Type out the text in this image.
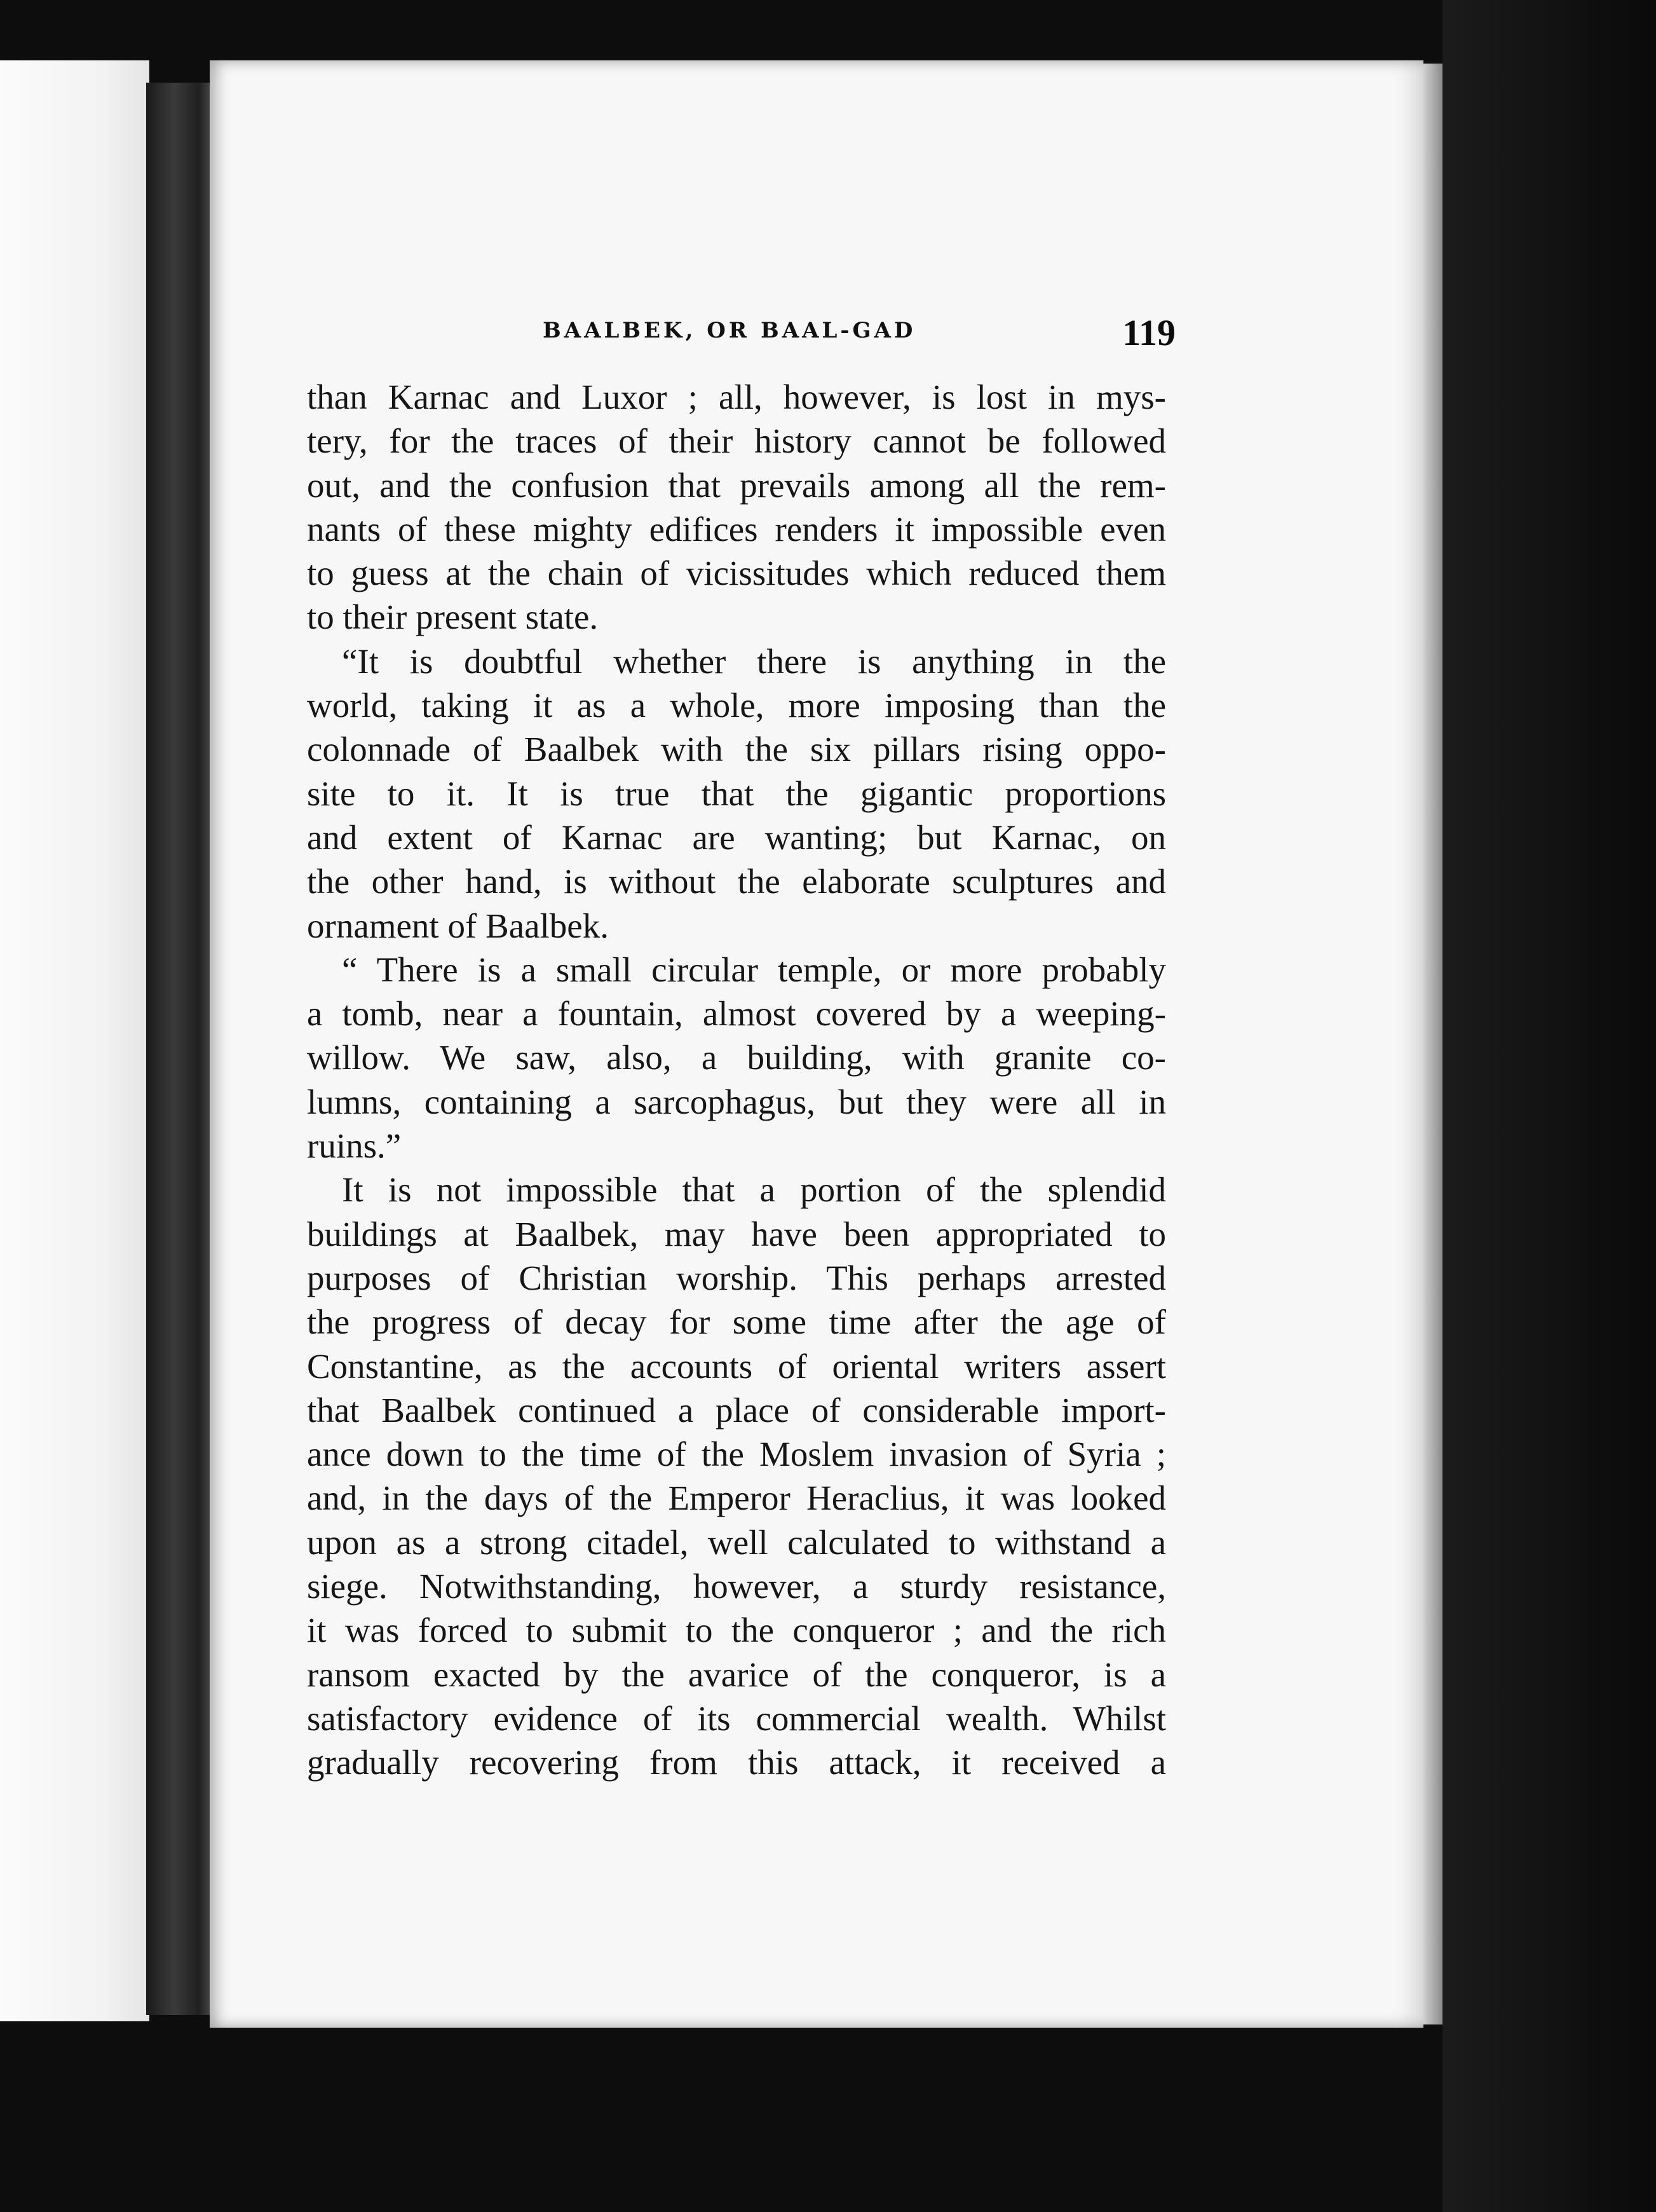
BAALBEK, OR BAAL-GAD	119
than Karnac and Luxor ; all, however, is lost in mys-
tery, for the traces of their history cannot be followed
out, and the confusion that prevails among all the rem-
nants of these mighty edifices renders it impossible even
to guess at the chain of vicissitudes which reduced them
to their present state.
“It is doubtful whether there is anything in the
world, taking it as a whole, more imposing than the
colonnade of Baalbek with the six pillars rising oppo-
site to it. It is true that the gigantic proportions
and extent of Karnac are wanting; but Karnac, on
the other hand, is without the elaborate sculptures and
ornament of Baalbek.
“ There is a small circular temple, or more probably
a tomb, near a fountain, almost covered by a weeping-
willow. We saw, also, a building, with granite co-
lumns, containing a sarcophagus, but they were all in
ruins.”
It is not impossible that a portion of the splendid
buildings at Baalbek, may have been appropriated to
purposes of Christian worship. This perhaps arrested
the progress of decay for some time after the age of
Constantine, as the accounts of oriental writers assert
that Baalbek continued a place of considerable import-
ance down to the time of the Moslem invasion of Syria ;
and, in the days of the Emperor Heraclius, it was looked
upon as a strong citadel, well calculated to withstand a
siege. Notwithstanding, however, a sturdy resistance,
it was forced to submit to the conqueror ; and the rich
ransom exacted by the avarice of the conqueror, is a
satisfactory evidence of its commercial wealth. Whilst
gradually recovering from this attack, it received a
